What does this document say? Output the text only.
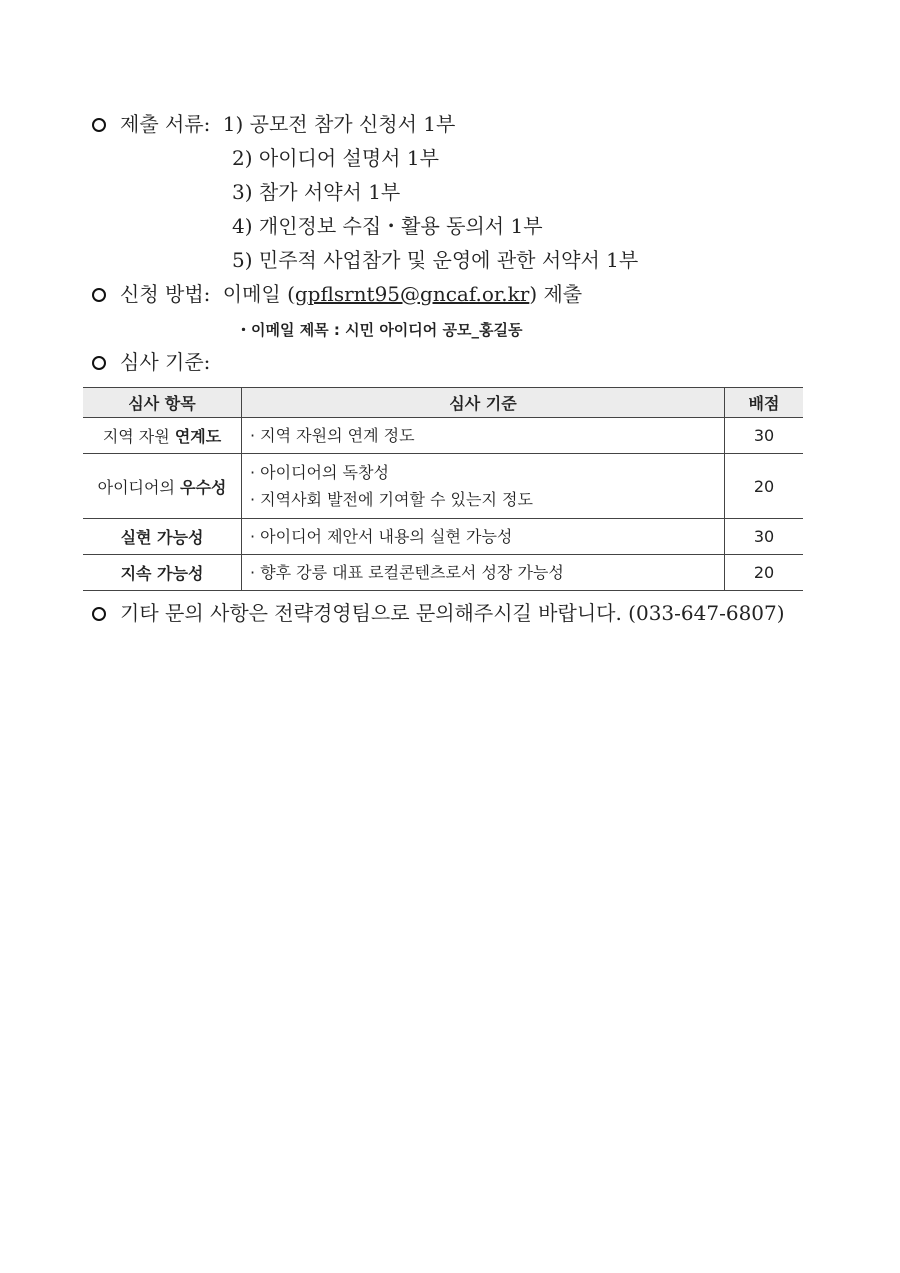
제출 서류: 1) 공모전 참가 신청서 1부
2) 아이디어 설명서 1부
3) 참가 서약서 1부
4) 개인정보 수집・활용 동의서 1부
5) 민주적 사업참가 및 운영에 관한 서약서 1부
신청 방법: 이메일 (gpflsrnt95@gncaf.or.kr) 제출
・이메일 제목 : 시민 아이디어 공모_홍길동
심사 기준:
심사 항목	심사 기준	배점
지역 자원 연계도	· 지역 자원의 연계 정도	30
아이디어의 우수성	· 아이디어의 독창성
· 지역사회 발전에 기여할 수 있는지 정도	20
실현 가능성	· 아이디어 제안서 내용의 실현 가능성	30
지속 가능성	· 향후 강릉 대표 로컬콘텐츠로서 성장 가능성	20
기타 문의 사항은 전략경영팀으로 문의해주시길 바랍니다. (033-647-6807)
